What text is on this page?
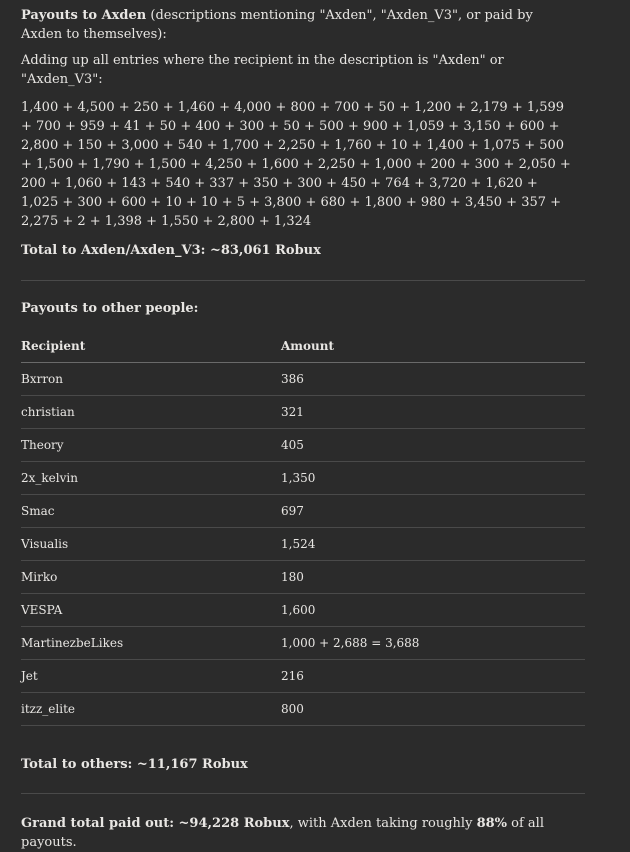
Payouts to Axden (descriptions mentioning "Axden", "Axden_V3", or paid by Axden to themselves):

Adding up all entries where the recipient in the description is "Axden" or "Axden_V3":

1,400 + 4,500 + 250 + 1,460 + 4,000 + 800 + 700 + 50 + 1,200 + 2,179 + 1,599 + 700 + 959 + 41 + 50 + 400 + 300 + 50 + 500 + 900 + 1,059 + 3,150 + 600 + 2,800 + 150 + 3,000 + 540 + 1,700 + 2,250 + 1,760 + 10 + 1,400 + 1,075 + 500 + 1,500 + 1,790 + 1,500 + 4,250 + 1,600 + 2,250 + 1,000 + 200 + 300 + 2,050 + 200 + 1,060 + 143 + 540 + 337 + 350 + 300 + 450 + 764 + 3,720 + 1,620 + 1,025 + 300 + 600 + 10 + 10 + 5 + 3,800 + 680 + 1,800 + 980 + 3,450 + 357 + 2,275 + 2 + 1,398 + 1,550 + 2,800 + 1,324

Total to Axden/Axden_V3: ~83,061 Robux

Payouts to other people:

Recipient	Amount
Bxrron	386
christian	321
Theory	405
2x_kelvin	1,350
Smac	697
Visualis	1,524
Mirko	180
VESPA	1,600
MartinezbeLikes	1,000 + 2,688 = 3,688
Jet	216
itzz_elite	800

Total to others: ~11,167 Robux

Grand total paid out: ~94,228 Robux, with Axden taking roughly 88% of all payouts.
